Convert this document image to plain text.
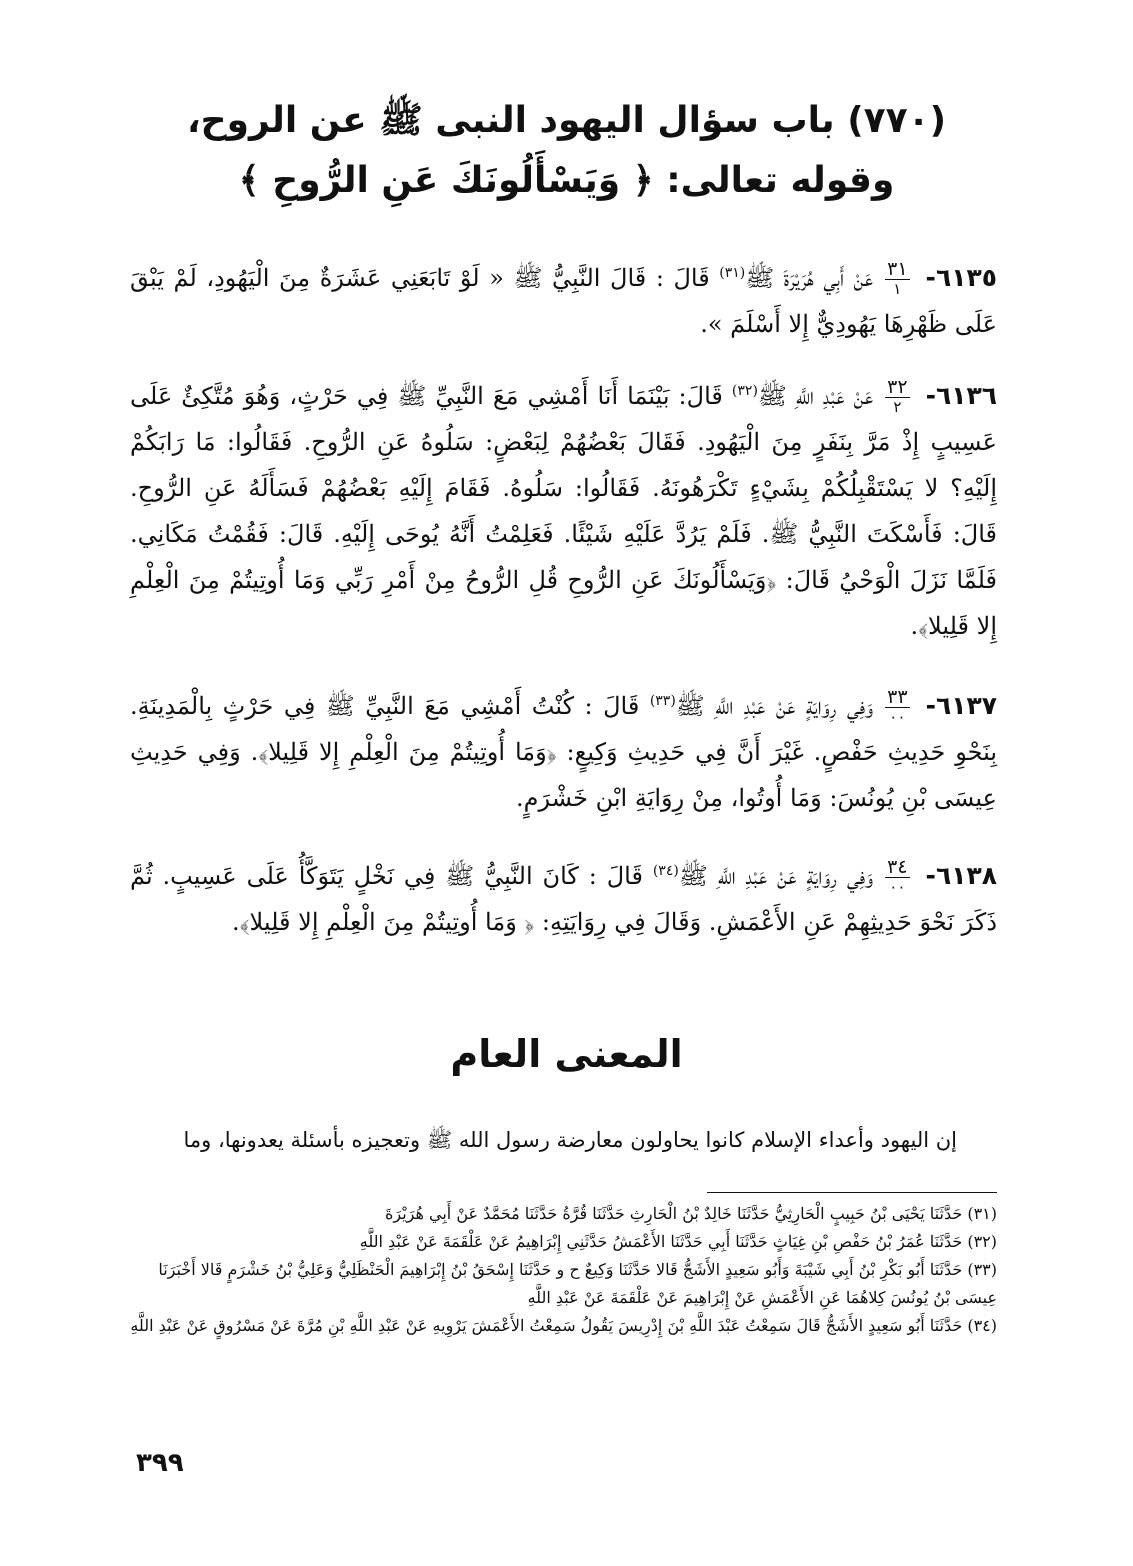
(٧٧٠) باب سؤال اليهود النبى ﷺ عن الروح،
وقوله تعالى: ﴿ وَيَسْأَلُونَكَ عَنِ الرُّوحِ ﴾
٦١٣٥-
$\frac{٣١}{١}$
عَنْ أَبِي هُرَيْرَةَ ﷺ$^{(٣١)}$ قَالَ : قَالَ النَّبِيُّ ﷺ « لَوْ تَابَعَنِي عَشَرَةٌ مِنَ الْيَهُودِ، لَمْ يَبْقَ عَلَى ظَهْرِهَا يَهُودِيٌّ إِلا أَسْلَمَ ».
٦١٣٦-
$\frac{٣٢}{٢}$
عَنْ عَبْدِ اللَّهِ ﷺ$^{(٣٢)}$ قَالَ: بَيْنَمَا أَنَا أَمْشِي مَعَ النَّبِيِّ ﷺ فِي حَرْثٍ، وَهُوَ مُتَّكِئٌ عَلَى عَسِيبٍ إِذْ مَرَّ بِنَفَرٍ مِنَ الْيَهُودِ. فَقَالَ بَعْضُهُمْ لِبَعْضٍ: سَلُوهُ عَنِ الرُّوحِ. فَقَالُوا: مَا رَابَكُمْ إِلَيْهِ؟ لا يَسْتَقْبِلُكُمْ بِشَيْءٍ تَكْرَهُونَهُ. فَقَالُوا: سَلُوهُ. فَقَامَ إِلَيْهِ بَعْضُهُمْ فَسَأَلَهُ عَنِ الرُّوحِ. قَالَ: فَأَسْكَتَ النَّبِيُّ ﷺ. فَلَمْ يَرُدَّ عَلَيْهِ شَيْئًا. فَعَلِمْتُ أَنَّهُ يُوحَى إِلَيْهِ. قَالَ: فَقُمْتُ مَكَانِي. فَلَمَّا نَزَلَ الْوَحْيُ قَالَ: ﴿وَيَسْأَلُونَكَ عَنِ الرُّوحِ قُلِ الرُّوحُ مِنْ أَمْرِ رَبِّي وَمَا أُوتِيتُمْ مِنَ الْعِلْمِ إِلا قَلِيلا﴾.
٦١٣٧-
$\frac{٣٣}{٠٠}$
وَفِي رِوَايَةٍ عَنْ عَبْدِ اللَّهِ ﷺ$^{(٣٣)}$ قَالَ : كُنْتُ أَمْشِي مَعَ النَّبِيِّ ﷺ فِي حَرْثٍ بِالْمَدِينَةِ. بِنَحْوِ حَدِيثِ حَفْصٍ. غَيْرَ أَنَّ فِي حَدِيثِ وَكِيعٍ: ﴿وَمَا أُوتِيتُمْ مِنَ الْعِلْمِ إِلا قَلِيلا﴾. وَفِي حَدِيثِ عِيسَى بْنِ يُونُسَ: وَمَا أُوتُوا، مِنْ رِوَايَةِ ابْنِ خَشْرَمٍ.
٦١٣٨-
$\frac{٣٤}{٠٠}$
وَفِي رِوَايَةٍ عَنْ عَبْدِ اللَّهِ ﷺ$^{(٣٤)}$ قَالَ : كَانَ النَّبِيُّ ﷺ فِي نَخْلٍ يَتَوَكَّأُ عَلَى عَسِيبٍ. ثُمَّ ذَكَرَ نَحْوَ حَدِيثِهِمْ عَنِ الأَعْمَشِ. وَقَالَ فِي رِوَايَتِهِ: ﴿ وَمَا أُوتِيتُمْ مِنَ الْعِلْمِ إِلا قَلِيلا﴾.
المعنى العام
إن اليهود وأعداء الإسلام كانوا يحاولون معارضة رسول الله ﷺ وتعجيزه بأسئلة يعدونها، وما

(٣١) حَدَّثَنَا يَحْيَى بْنُ حَبِيبٍ الْحَارِثِيُّ حَدَّثَنَا خَالِدٌ بْنُ الْحَارِثِ حَدَّثَنَا قُرَّةُ حَدَّثَنَا مُحَمَّدٌ عَنْ أَبِي هُرَيْرَةَ

(٣٢) حَدَّثَنَا عُمَرُ بْنُ حَفْصِ بْنِ غِيَاثٍ حَدَّثَنَا أَبِي حَدَّثَنَا الأَعْمَشُ حَدَّثَنِي إِبْرَاهِيمُ عَنْ عَلْقَمَةَ عَنْ عَبْدِ اللَّهِ

(٣٣) حَدَّثَنَا أَبُو بَكْرِ بْنُ أَبِي شَيْبَةَ وَأَبُو سَعِيدٍ الأَشَجُّ قَالا حَدَّثَنَا وَكِيعٌ ح و حَدَّثَنَا إِسْحَقُ بْنُ إِبْرَاهِيمَ الْحَنْظَلِيُّ وَعَلِيُّ بْنُ خَشْرَمٍ قَالا أَخْبَرَنَا عِيسَى بْنُ يُونُسَ كِلاهُمَا عَنِ الأَعْمَشِ عَنْ إِبْرَاهِيمَ عَنْ عَلْقَمَةَ عَنْ عَبْدِ اللَّهِ

(٣٤) حَدَّثَنَا أَبُو سَعِيدٍ الأَشَجُّ قَالَ سَمِعْتُ عَبْدَ اللَّهِ بْنَ إِدْرِيسَ يَقُولُ سَمِعْتُ الأَعْمَشَ يَرْوِيهِ عَنْ عَبْدِ اللَّهِ بْنِ مُرَّةَ عَنْ مَسْرُوقٍ عَنْ عَبْدِ اللَّهِ

٣٩٩
